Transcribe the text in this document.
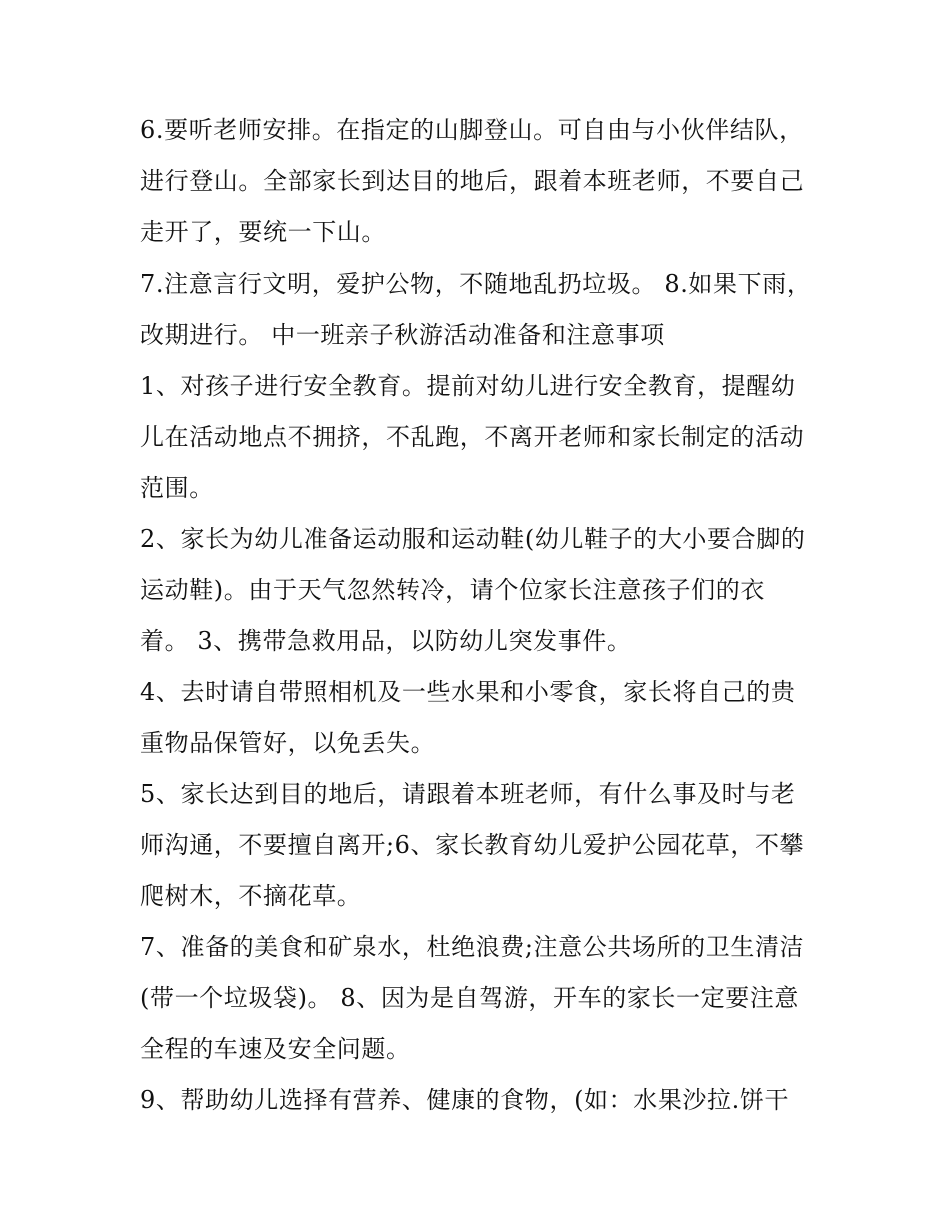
6.要听老师安排。在指定的山脚登山。可自由与小伙伴结队，
进行登山。全部家长到达目的地后，跟着本班老师，不要自己
走开了，要统一下山。
7.注意言行文明，爱护公物，不随地乱扔垃圾。 8.如果下雨，
改期进行。 中一班亲子秋游活动准备和注意事项
1、对孩子进行安全教育。提前对幼儿进行安全教育，提醒幼
儿在活动地点不拥挤，不乱跑，不离开老师和家长制定的活动
范围。
2、家长为幼儿准备运动服和运动鞋(幼儿鞋子的大小要合脚的
运动鞋)。由于天气忽然转冷，请个位家长注意孩子们的衣
着。 3、携带急救用品，以防幼儿突发事件。
4、去时请自带照相机及一些水果和小零食，家长将自己的贵
重物品保管好，以免丢失。
5、家长达到目的地后，请跟着本班老师，有什么事及时与老
师沟通，不要擅自离开;6、家长教育幼儿爱护公园花草，不攀
爬树木，不摘花草。
7、准备的美食和矿泉水，杜绝浪费;注意公共场所的卫生清洁
(带一个垃圾袋)。 8、因为是自驾游，开车的家长一定要注意
全程的车速及安全问题。
9、帮助幼儿选择有营养、健康的食物，(如：水果沙拉.饼干
